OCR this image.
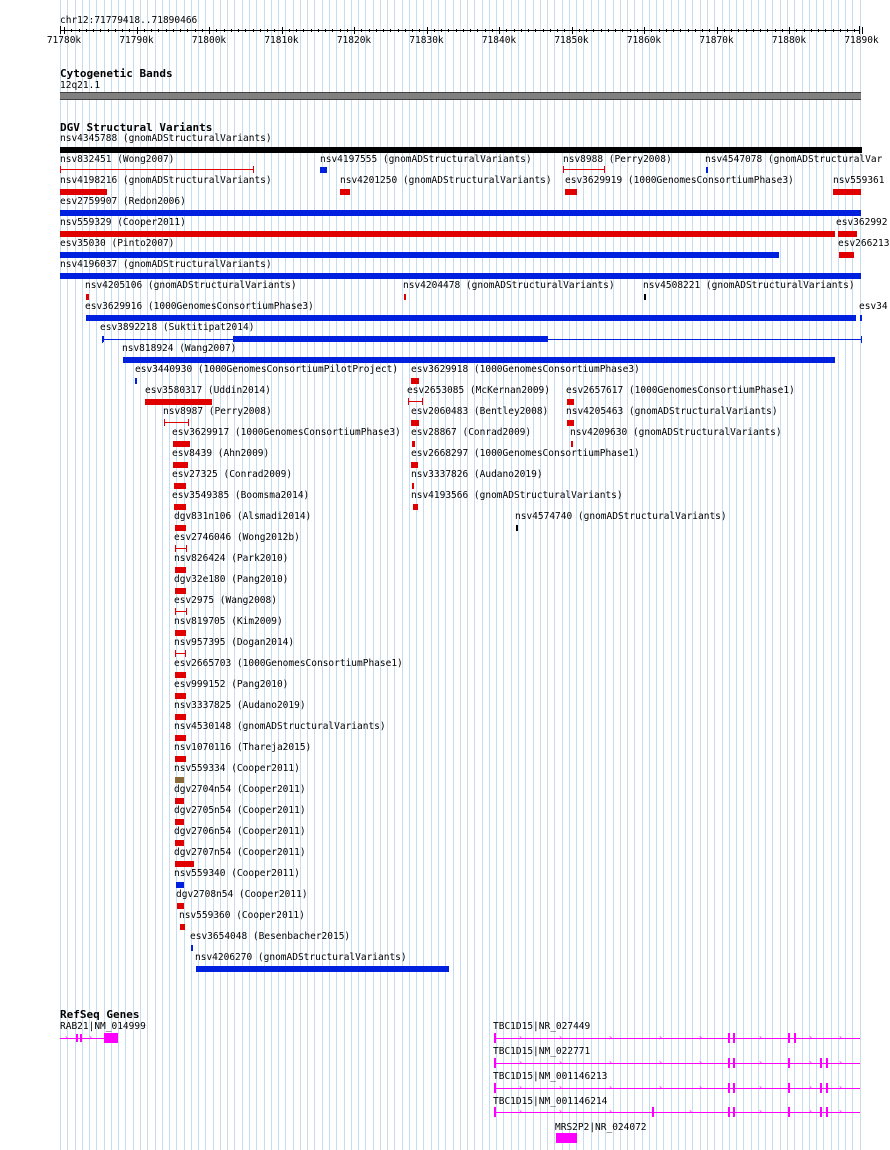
chr12:71779418..71890466
71780k	71790k	71800k	71810k	71820k	71830k	71840k	71850k	71860k	71870k	71880k	71890k
Cytogenetic Bands
12q21.1
DGV Structural Variants
nsv4345788 (gnomADStructuralVariants)
nsv832451 (Wong2007)	nsv4197555 (gnomADStructuralVariants)	nsv8988 (Perry2008)	nsv4547078 (gnomADStructuralVar
nsv4198216 (gnomADStructuralVariants)	nsv4201250 (gnomADStructuralVariants) esv3629919 (1000GenomesConsortiumPhase3)	nsv559361
esv2759907 (Redon2006)
nsv559329 (Cooper2011)	esv362992
esv35030 (Pinto2007)	esv266213
nsv4196037 (gnomADStructuralVariants)
nsv4205106 (gnomADStructuralVariants)	nsv4204478 (gnomADStructuralVariants)	nsv4508221 (gnomADStructuralVariants)
esv3629916 (1000GenomesConsortiumPhase3)	esv34
esv3892218 (Suktitipat2014)
nsv818924 (Wang2007)
esv3440930 (1000GenomesConsortiumPilotProject) esv3629918 (1000GenomesConsortiumPhase3)
esv3580317 (Uddin2014)	esv2653085 (McKernan2009) esv2657617 (1000GenomesConsortiumPhase1)
nsv8987 (Perry2008)	esv2060483 (Bentley2008) nsv4205463 (gnomADStructuralVariants)
esv3629917 (1000GenomesConsortiumPhase3) esv28867 (Conrad2009)	nsv4209630 (gnomADStructuralVariants)
esv8439 (Ahn2009)	esv2668297 (1000GenomesConsortiumPhase1)
esv27325 (Conrad2009)	nsv3337826 (Audano2019)
esv3549385 (Boomsma2014)	nsv4193566 (gnomADStructuralVariants)
dgv831n106 (Alsmadi2014)	nsv4574740 (gnomADStructuralVariants)
esv2746046 (Wong2012b)
nsv826424 (Park2010)
dgv32e180 (Pang2010)
esv2975 (Wang2008)
nsv819705 (Kim2009)
nsv957395 (Dogan2014)
esv2665703 (1000GenomesConsortiumPhase1)
esv999152 (Pang2010)
nsv3337825 (Audano2019)
nsv4530148 (gnomADStructuralVariants)
nsv1070116 (Thareja2015)
nsv559334 (Cooper2011)
dgv2704n54 (Cooper2011)
dgv2705n54 (Cooper2011)
dgv2706n54 (Cooper2011)
dgv2707n54 (Cooper2011)
nsv559340 (Cooper2011)
dgv2708n54 (Cooper2011)
nsv559360 (Cooper2011)
esv3654048 (Besenbacher2015)
nsv4206270 (gnomADStructuralVariants)
RefSeq Genes
RAB21|NM_014999
› ›
TBC1D15|NR_027449
›	›	›	›	›	›	›	›
TBC1D15|NM_022771
›	›	›	›	›	›	›	›
TBC1D15|NM_001146213
›	›	›	›	›	›	›	›
TBC1D15|NM_001146214
›	›	›	›	›	›	›
MRS2P2|NR_024072
